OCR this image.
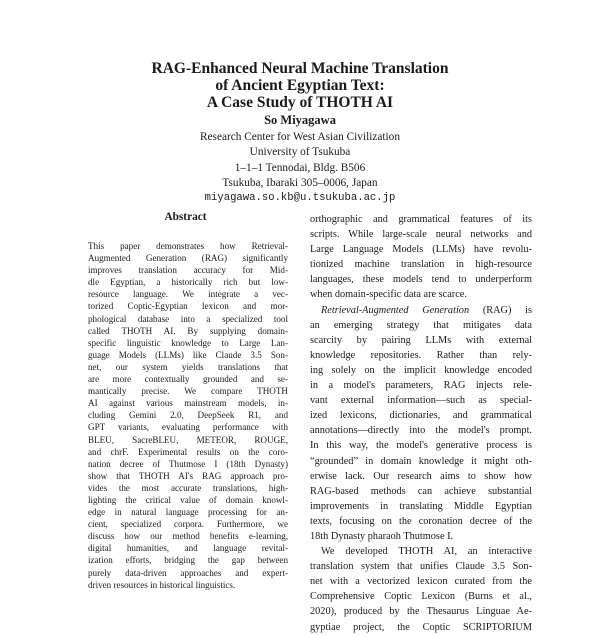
RAG-Enhanced Neural Machine Translation
of Ancient Egyptian Text:
A Case Study of THOTH AI
So Miyagawa
Research Center for West Asian Civilization
University of Tsukuba
1–1–1 Tennodai, Bldg. B506
Tsukuba, Ibaraki 305–0006, Japan
miyagawa.so.kb@u.tsukuba.ac.jp
Abstract
This paper demonstrates how Retrieval-
Augmented Generation (RAG) significantly
improves translation accuracy for Mid-
dle Egyptian, a historically rich but low-
resource language. We integrate a vec-
torized Coptic-Egyptian lexicon and mor-
phological database into a specialized tool
called THOTH AI. By supplying domain-
specific linguistic knowledge to Large Lan-
guage Models (LLMs) like Claude 3.5 Son-
net, our system yields translations that
are more contextually grounded and se-
mantically precise. We compare THOTH
AI against various mainstream models, in-
cluding Gemini 2.0, DeepSeek R1, and
GPT variants, evaluating performance with
BLEU, SacreBLEU, METEOR, ROUGE,
and chrF. Experimental results on the coro-
nation decree of Thutmose I (18th Dynasty)
show that THOTH AI's RAG approach pro-
vides the most accurate translations, high-
lighting the critical value of domain knowl-
edge in natural language processing for an-
cient, specialized corpora. Furthermore, we
discuss how our method benefits e-learning,
digital humanities, and language revital-
ization efforts, bridging the gap between
purely data-driven approaches and expert-
driven resources in historical linguistics.
orthographic and grammatical features of its
scripts. While large-scale neural networks and
Large Language Models (LLMs) have revolu-
tionized machine translation in high-resource
languages, these models tend to underperform
when domain-specific data are scarce.
Retrieval-Augmented Generation (RAG) is
an emerging strategy that mitigates data
scarcity by pairing LLMs with external
knowledge repositories. Rather than rely-
ing solely on the implicit knowledge encoded
in a model's parameters, RAG injects rele-
vant external information—such as special-
ized lexicons, dictionaries, and grammatical
annotations—directly into the model's prompt.
In this way, the model's generative process is
“grounded” in domain knowledge it might oth-
erwise lack. Our research aims to show how
RAG-based methods can achieve substantial
improvements in translating Middle Egyptian
texts, focusing on the coronation decree of the
18th Dynasty pharaoh Thutmose I.
We developed THOTH AI, an interactive
translation system that unifies Claude 3.5 Son-
net with a vectorized lexicon curated from the
Comprehensive Coptic Lexicon (Burns et al.,
2020), produced by the Thesaurus Linguae Ae-
gyptiae project, the Coptic SCRIPTORIUM
